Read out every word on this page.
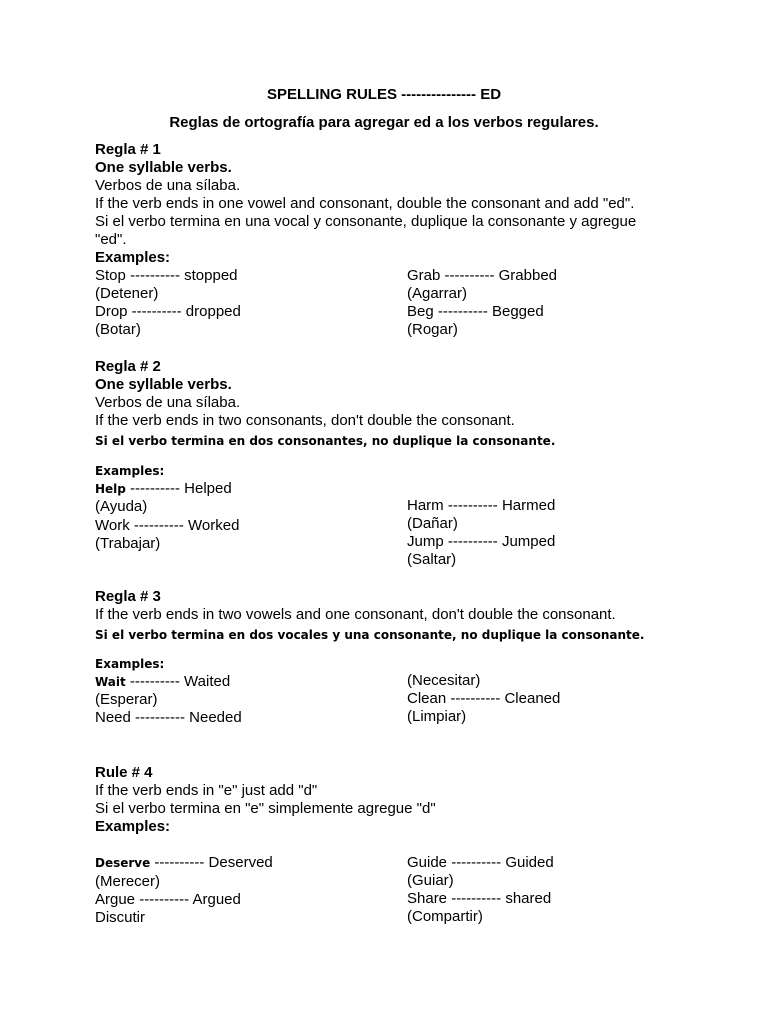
SPELLING RULES --------------- ED
Reglas de ortografía para agregar ed a los verbos regulares.
Regla # 1
One syllable verbs.
Verbos de una sílaba.
If the verb ends in one vowel and consonant, double the consonant and add "ed".
Si el verbo termina en una vocal y consonante, duplique la consonante y agregue
"ed".
Examples:
Stop ---------- stopped
(Detener)
Drop ---------- dropped
(Botar)
Grab ---------- Grabbed
(Agarrar)
Beg ---------- Begged
(Rogar)
Regla # 2
One syllable verbs.
Verbos de una sílaba.
If the verb ends in two consonants, don't double the consonant.
Si el verbo termina en dos consonantes, no duplique la consonante.
Examples:
Help ---------- Helped
(Ayuda)
Work ---------- Worked
(Trabajar)
Harm ---------- Harmed
(Dañar)
Jump ---------- Jumped
(Saltar)
Regla # 3
If the verb ends in two vowels and one consonant, don't double the consonant.
Si el verbo termina en dos vocales y una consonante, no duplique la consonante.
Examples:
Wait ---------- Waited
(Esperar)
Need ---------- Needed
(Necesitar)
Clean ---------- Cleaned
(Limpiar)
Rule # 4
If the verb ends in "e" just add "d"
Si el verbo termina en "e" simplemente agregue "d"
Examples:
Deserve ---------- Deserved
(Merecer)
Argue ---------- Argued
Discutir
Guide ---------- Guided
(Guiar)
Share ---------- shared
(Compartir)
